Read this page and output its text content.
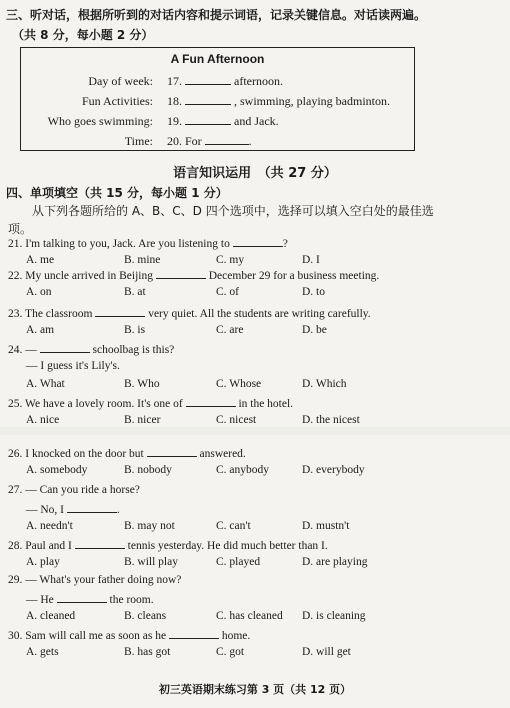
三、听对话，根据所听到的对话内容和提示词语，记录关键信息。对话读两遍。
（共 8 分，每小题 2 分）
A Fun Afternoon
Day of week: 17.	afternoon.
Fun Activities: 18.	, swimming, playing badminton.
Who goes swimming: 19.	and Jack.
Time: 20. For	.
语言知识运用　（共 27 分）
四、单项填空（共 15 分，每小题 1 分）
从下列各题所给的 A、B、C、D 四个选项中，选择可以填入空白处的最佳选
项。
21. I'm talking to you, Jack. Are you listening to	?
A. me	B. mine	C. my	D. I
22. My uncle arrived in Beijing	December 29 for a business meeting.
A. on	B. at	C. of	D. to
23. The classroom	very quiet. All the students are writing carefully.
A. am	B. is	C. are	D. be
24. —	schoolbag is this?
— I guess it's Lily's.
A. What	B. Who	C. Whose	D. Which
25. We have a lovely room. It's one of	in the hotel.
A. nice	B. nicer	C. nicest	D. the nicest
26. I knocked on the door but	answered.
A. somebody	B. nobody	C. anybody	D. everybody
27. — Can you ride a horse?
— No, I	.
A. needn't	B. may not	C. can't	D. mustn't
28. Paul and I	tennis yesterday. He did much better than I.
A. play	B. will play	C. played	D. are playing
29. — What's your father doing now?
— He	the room.
A. cleaned	B. cleans	C. has cleaned D. is cleaning
30. Sam will call me as soon as he	home.
A. gets	B. has got	C. got	D. will get
初三英语期末练习第 3 页（共 12 页）
